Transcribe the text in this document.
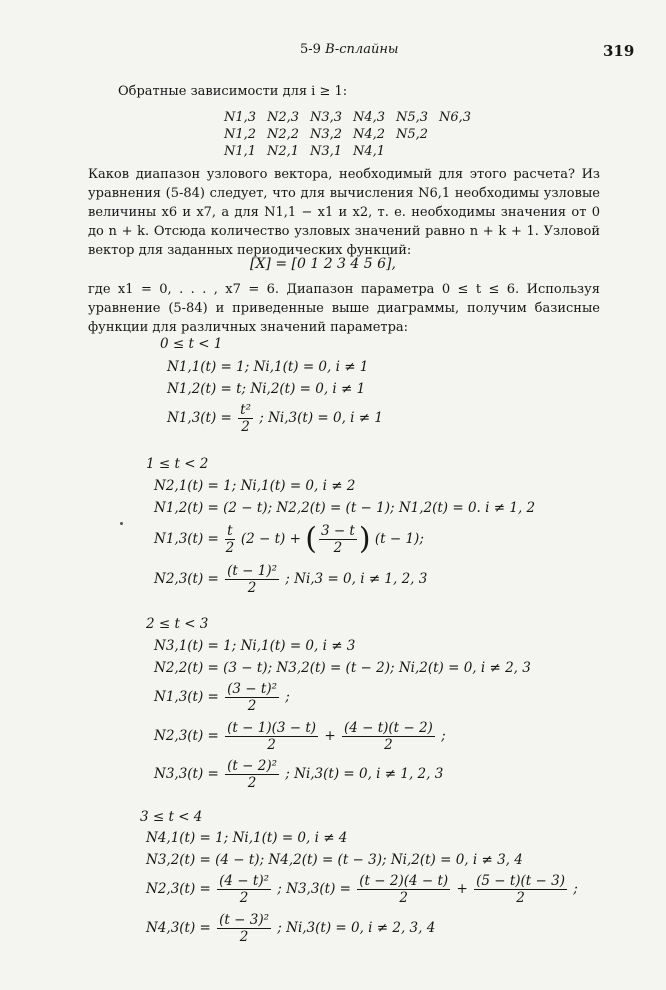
5-9 B-сплайны	319
Обратные зависимости для i ≥ 1:
N1,3 N2,3 N3,3 N4,3 N5,3 N6,3
N1,2 N2,2 N3,2 N4,2 N5,2
N1,1 N2,1 N3,1 N4,1
Каков диапазон узлового вектора, необходимый для этого расчета? Из уравнения (5-84) следует, что для вычисления N6,1 необходимы узловые величины x6 и x7, а для N1,1 − x1 и x2, т. е. необходимы значения от 0 до n + k. Отсюда количество узловых значений равно n + k + 1. Узловой вектор для заданных периодических функций:
[X] = [0 1 2 3 4 5 6],
где x1 = 0, . . . , x7 = 6. Диапазон параметра 0 ≤ t ≤ 6. Используя уравнение (5-84) и приведенные выше диаграммы, получим базисные функции для различных значений параметра:
0 ≤ t < 1
N1,1(t) = 1; Ni,1(t) = 0, i ≠ 1
N1,2(t) = t; Ni,2(t) = 0, i ≠ 1
$N1,3(t) = \frac{\text{t²}}{2}$ ; Ni,3(t) = 0, i ≠ 1
1 ≤ t < 2
N2,1(t) = 1; Ni,1(t) = 0, i ≠ 2
N1,2(t) = (2 − t); N2,2(t) = (t − 1); N1,2(t) = 0. i ≠ 1, 2
$N1,3(t) = \frac{t}{2} (2 - t)$ + ( $\frac{3 - t}{2}$ ) (t − 1);
$N2,3(t) = \frac{\text{(t − 1)²}}{2}$ ; Ni,3 = 0, i ≠ 1, 2, 3
2 ≤ t < 3
N3,1(t) = 1; Ni,1(t) = 0, i ≠ 3
N2,2(t) = (3 − t); N3,2(t) = (t − 2); Ni,2(t) = 0, i ≠ 2, 3
$N1,3(t) = \frac{\text{(3 − t)²}}{2}$ ;
$N2,3(t) = \frac{(t - 1)(3 - t)}{2} + \frac{(4 - t)(t - 2)}{2}$ ;
$N3,3(t) = \frac{\text{(t − 2)²}}{2}$ ; Ni,3(t) = 0, i ≠ 1, 2, 3
3 ≤ t < 4
N4,1(t) = 1; Ni,1(t) = 0, i ≠ 4
N3,2(t) = (4 − t); N4,2(t) = (t − 3); Ni,2(t) = 0, i ≠ 3, 4
$N2,3(t) = \frac{\text{(4 − t)²}}{2}$ ; $N3,3(t) = \frac{(t - 2)(4 - t)}{2} + \frac{(5 - t)(t - 3)}{2}$ ;
$N4,3(t) = \frac{\text{(t − 3)²}}{2}$ ; Ni,3(t) = 0, i ≠ 2, 3, 4
